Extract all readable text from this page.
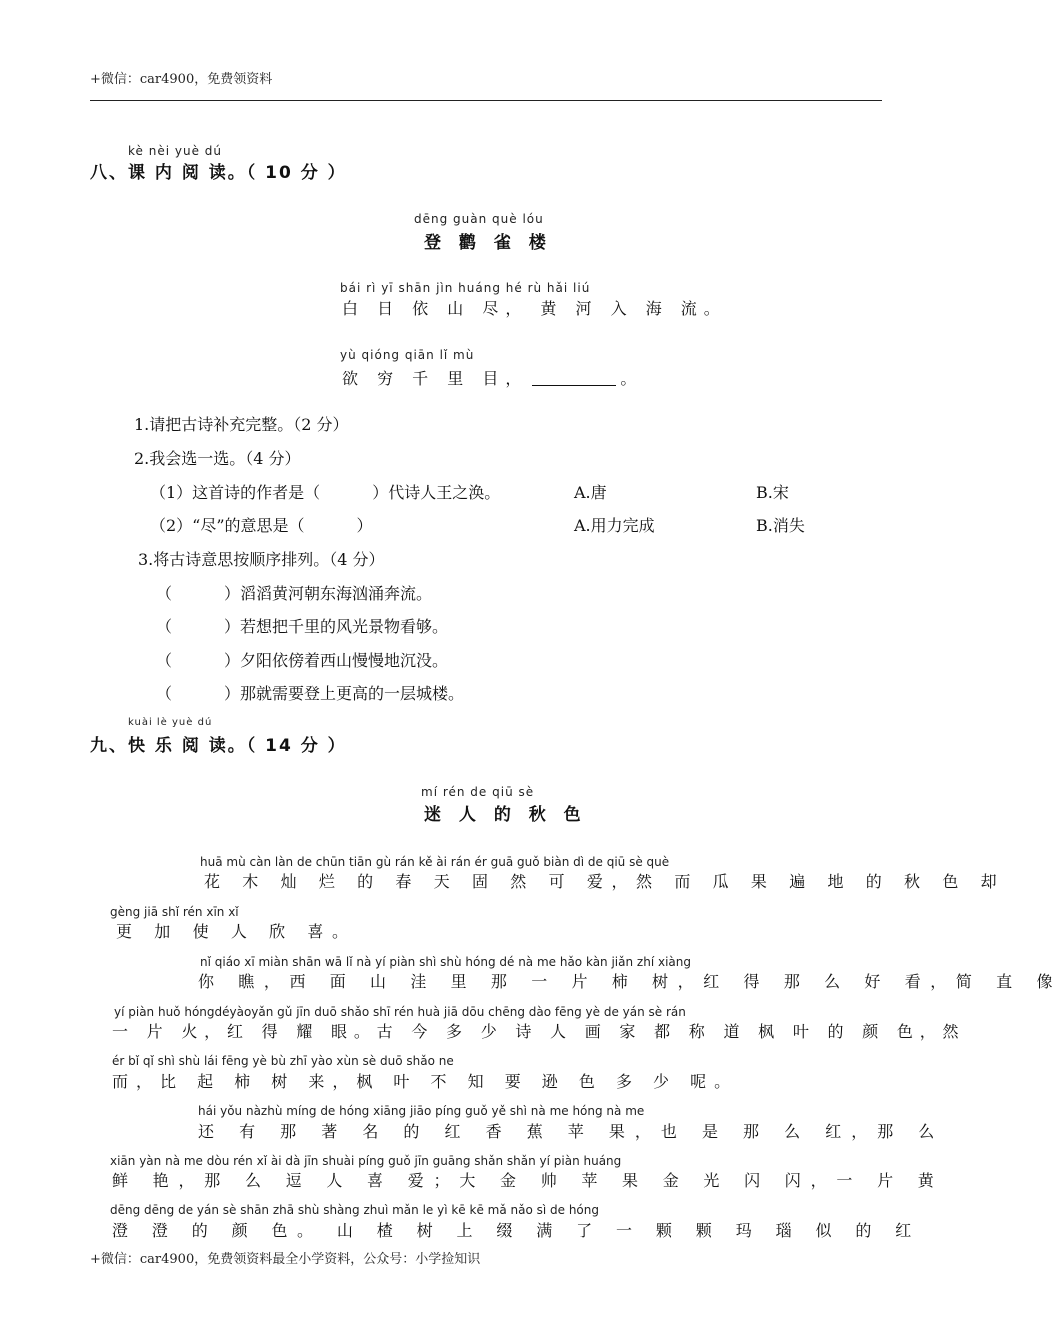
+微信：car4900，免费领资料
kè nèi yuè dú
八、课 内 阅 读。（ 10 分 ）
dēng guàn què lóu
登 鹳 雀 楼
bái rì yī shān jìn huáng hé rù hǎi liú
白 日 依 山 尽， 黄 河 入 海 流。
yù qióng qiān lǐ mù
欲 穷 千 里 目，	。
1.请把古诗补充完整。（2 分）
2.我会选一选。（4 分）
（1）这首诗的作者是（	）代诗人王之涣。	A.唐	B.宋
（2）“尽”的意思是（	）	A.用力完成	B.消失
3.将古诗意思按顺序排列。（4 分）
（	）滔滔黄河朝东海汹涌奔流。
（	）若想把千里的风光景物看够。
（	）夕阳依傍着西山慢慢地沉没。
（	）那就需要登上更高的一层城楼。
kuài lè yuè dú
九、快 乐 阅 读。（ 14 分 ）
mí rén de qiū sè
迷 人 的 秋 色
huā mù càn làn de chūn tiān gù rán kě ài rán ér guā guǒ biàn dì de qiū sè què
花 木 灿 烂 的 春 天 固 然 可 爱，然 而 瓜 果 遍 地 的 秋 色 却
gèng jiā shǐ rén xīn xǐ
更 加 使 人 欣 喜。
nǐ qiáo xī miàn shān wā lǐ nà yí piàn shì shù hóng dé nà me hǎo kàn jiǎn zhí xiàng
你 瞧，西 面 山 洼 里 那 一 片 柿 树，红 得 那 么 好 看，简 直 像
yí piàn huǒ hóngdéyàoyǎn gǔ jīn duō shǎo shī rén huà jiā dōu chēng dào fēng yè de yán sè rán
一 片 火，红 得 耀 眼。古 今 多 少 诗 人 画 家 都 称 道 枫 叶 的 颜 色，然
ér bǐ qǐ shì shù lái fēng yè bù zhī yào xùn sè duō shǎo ne
而，比 起 柿 树 来，枫 叶 不 知 要 逊 色 多 少 呢。
hái yǒu nàzhù míng de hóng xiāng jiāo píng guǒ yě shì nà me hóng nà me
还 有 那 著 名 的 红 香 蕉 苹 果，也 是 那 么 红，那 么
xiān yàn nà me dòu rén xǐ ài dà jīn shuài píng guǒ jīn guāng shǎn shǎn yí piàn huáng
鲜 艳，那 么 逗 人 喜 爱；大 金 帅 苹 果 金 光 闪 闪，一 片 黄
dēng dēng de yán sè shān zhā shù shàng zhuì mǎn le yì kē kē mǎ nǎo sì de hóng
澄 澄 的 颜 色。 山 楂 树 上 缀 满 了 一 颗 颗 玛 瑙 似 的 红
+微信：car4900，免费领资料最全小学资料，公众号：小学捡知识
